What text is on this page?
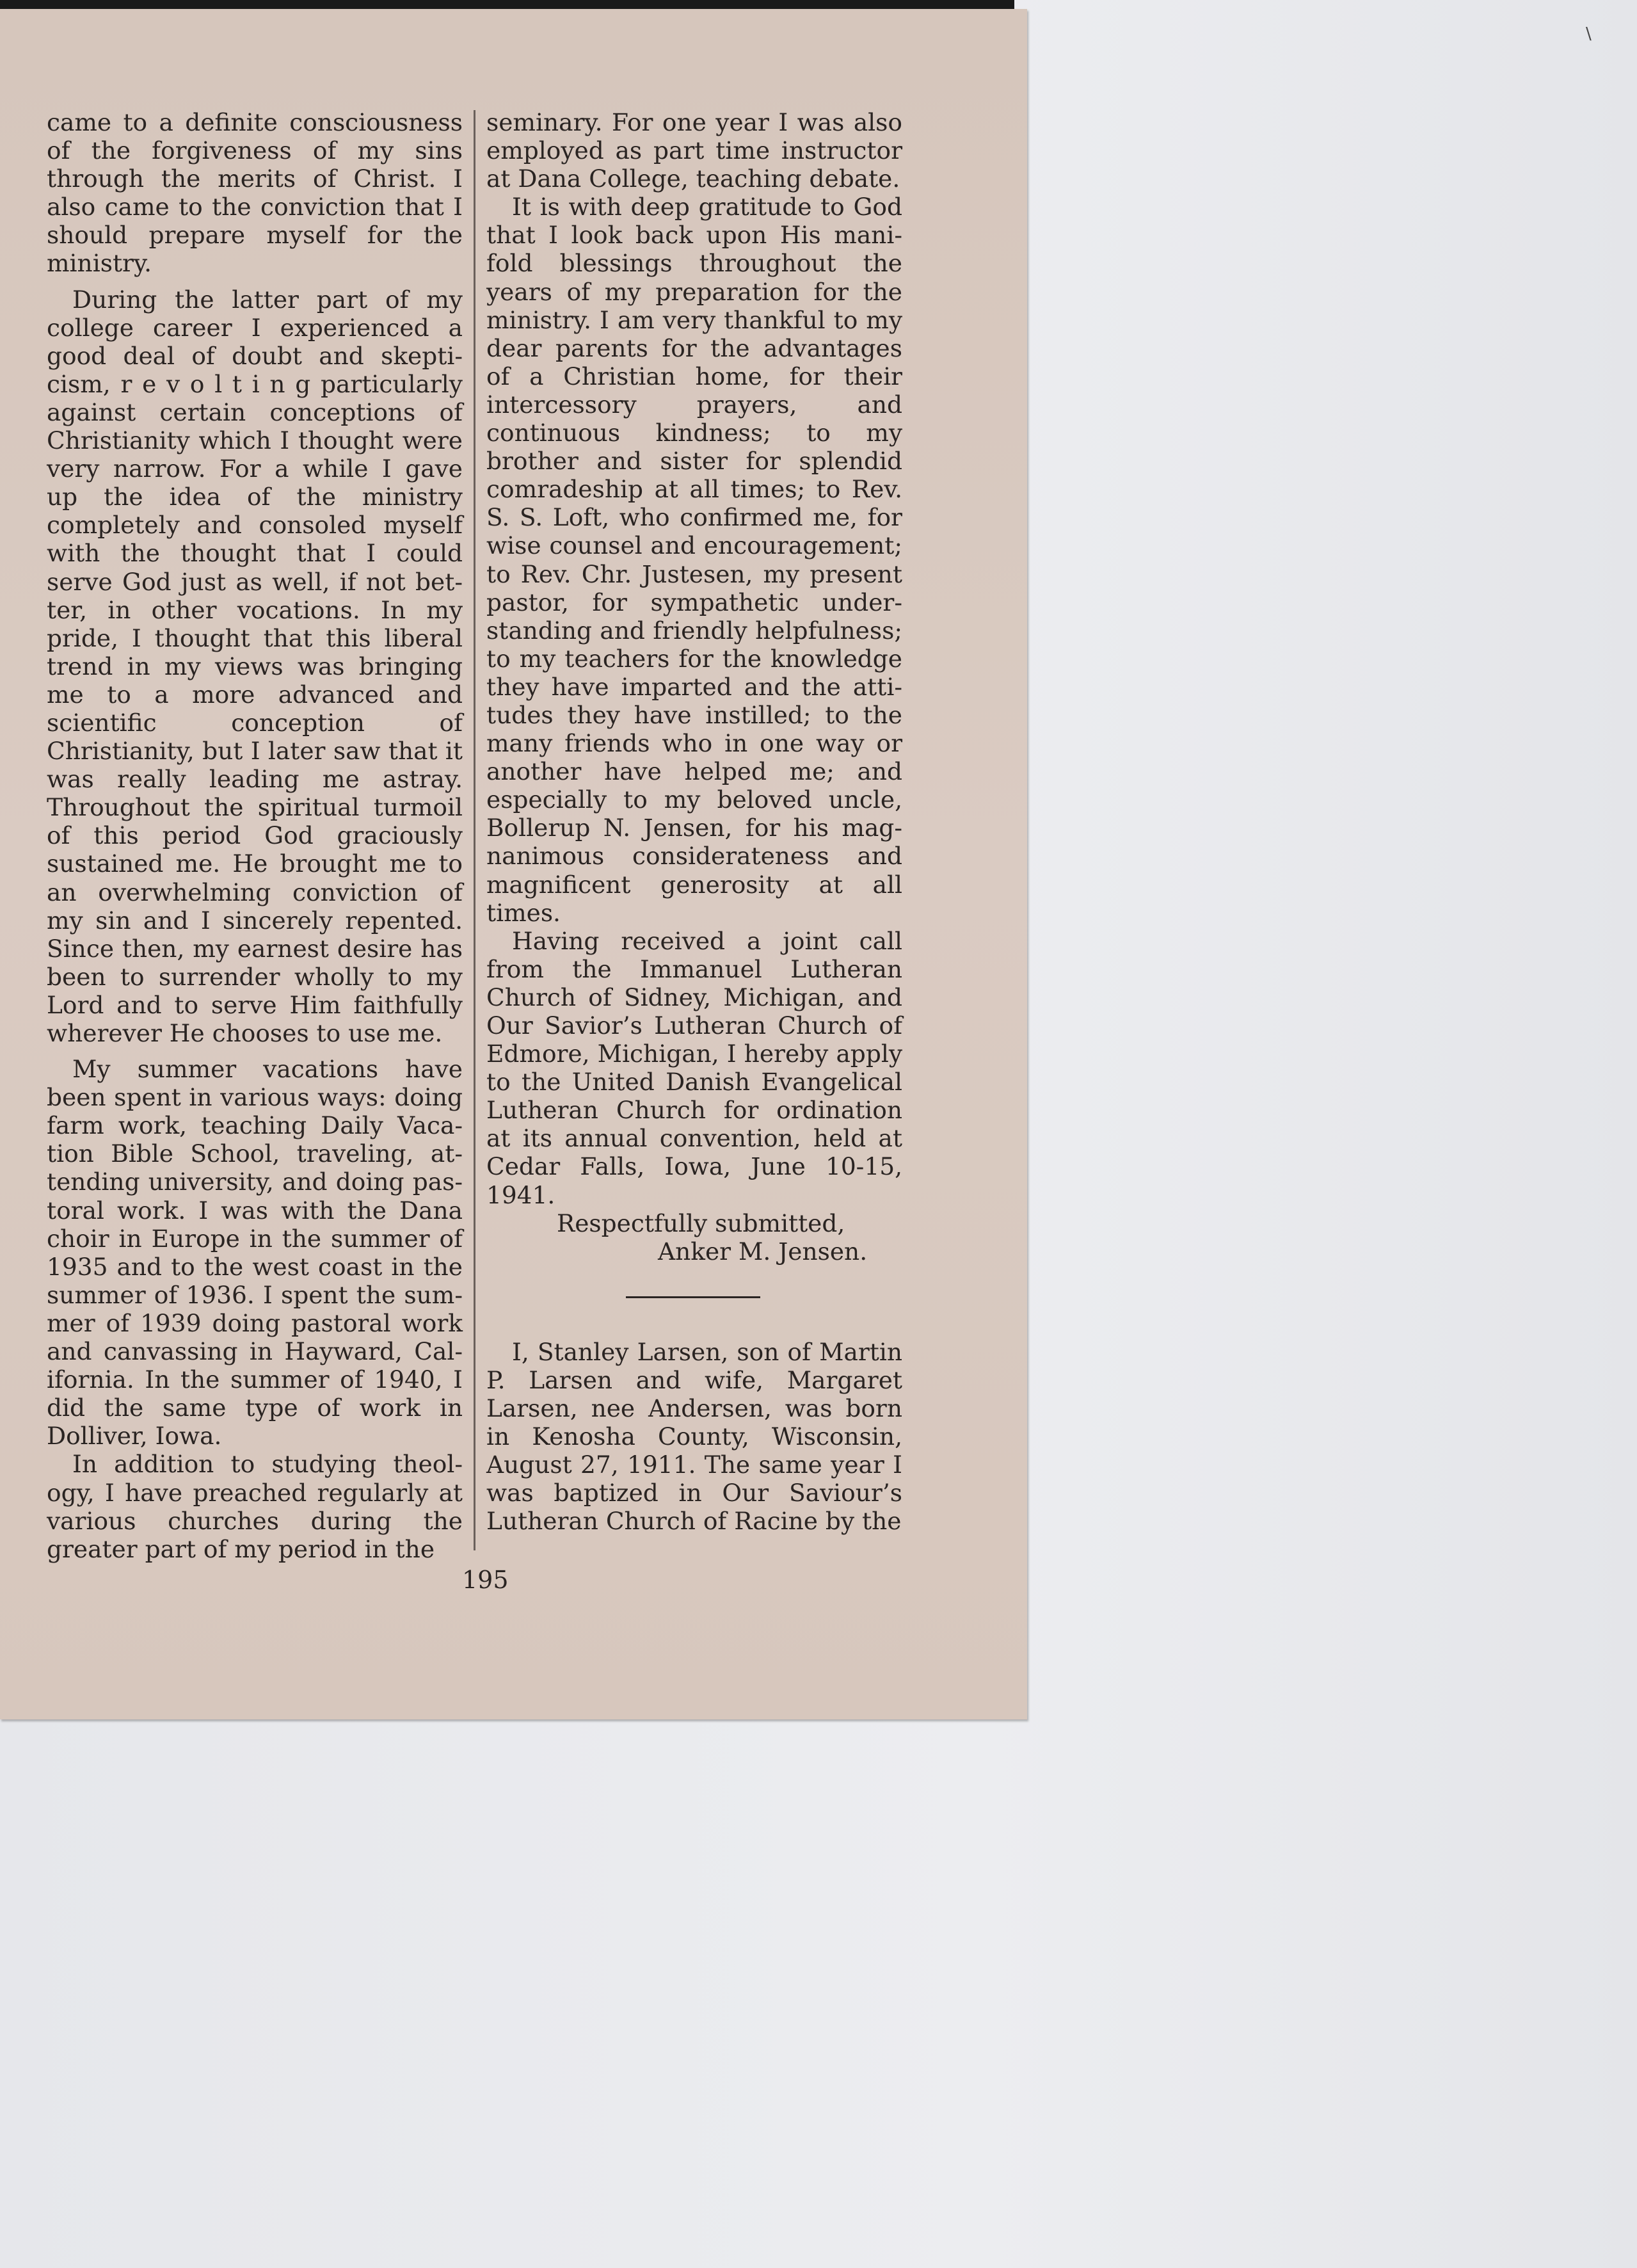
\

came to a definite consciousness of the forgiveness of my sins through the merits of Christ. I also came to the conviction that I should prepare myself for the ministry.

During the latter part of my college career I experienced a good deal of doubt and skepticism, r e v o l t i n g particularly against certain conceptions of Christianity which I thought were very narrow. For a while I gave up the idea of the ministry completely and consoled myself with the thought that I could serve God just as well, if not better, in other vocations. In my pride, I thought that this liberal trend in my views was bringing me to a more advanced and scientific conception of Christianity, but I later saw that it was really leading me astray. Throughout the spiritual turmoil of this period God graciously sustained me. He brought me to an overwhelming conviction of my sin and I sincerely repented. Since then, my earnest desire has been to surrender wholly to my Lord and to serve Him faithfully wherever He chooses to use me.

My summer vacations have been spent in various ways: doing farm work, teaching Daily Vacation Bible School, traveling, attending university, and doing pastoral work. I was with the Dana choir in Europe in the summer of 1935 and to the west coast in the summer of 1936. I spent the summer of 1939 doing pastoral work and canvassing in Hayward, California. In the summer of 1940, I did the same type of work in Dolliver, Iowa.

In addition to studying theology, I have preached regularly at various churches during the greater part of my period in the

seminary. For one year I was also employed as part time instructor at Dana College, teaching debate.

It is with deep gratitude to God that I look back upon His manifold blessings throughout the years of my preparation for the ministry. I am very thankful to my dear parents for the advantages of a Christian home, for their intercessory prayers, and continuous kindness; to my brother and sister for splendid comradeship at all times; to Rev. S. S. Loft, who confirmed me, for wise counsel and encouragement; to Rev. Chr. Justesen, my present pastor, for sympathetic understanding and friendly helpfulness; to my teachers for the knowledge they have imparted and the attitudes they have instilled; to the many friends who in one way or another have helped me; and especially to my beloved uncle, Bollerup N. Jensen, for his magnanimous considerateness and magnificent generosity at all times.

Having received a joint call from the Immanuel Lutheran Church of Sidney, Michigan, and Our Savior’s Lutheran Church of Edmore, Michigan, I hereby apply to the United Danish Evangelical Lutheran Church for ordination at its annual convention, held at Cedar Falls, Iowa, June 10-15, 1941.

Respectfully submitted,

Anker M. Jensen.

I, Stanley Larsen, son of Martin P. Larsen and wife, Margaret Larsen, nee Andersen, was born in Kenosha County, Wisconsin, August 27, 1911. The same year I was baptized in Our Saviour’s Lutheran Church of Racine by the

195
